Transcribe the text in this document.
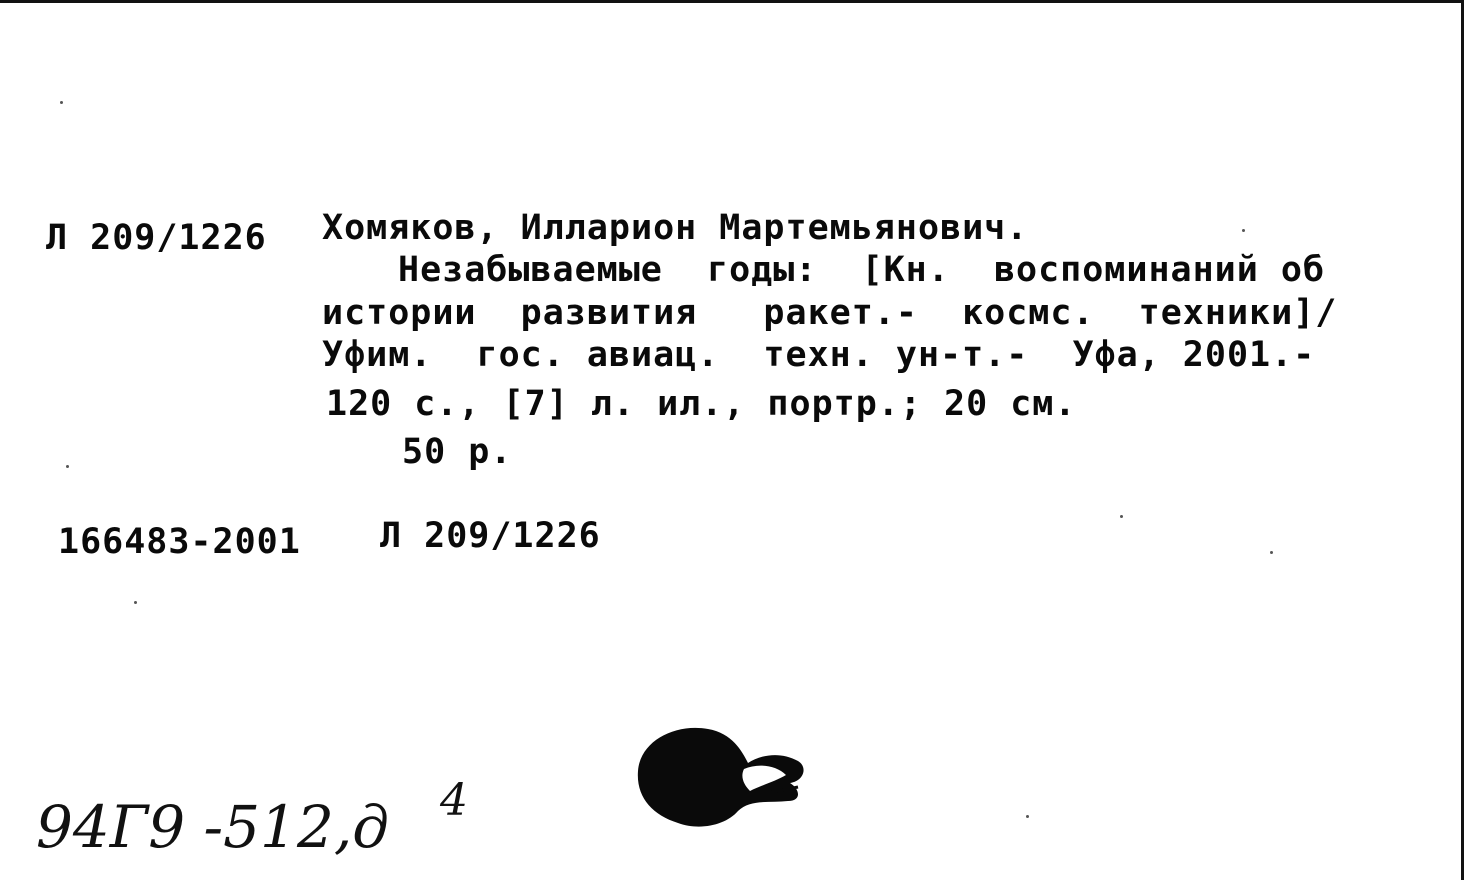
Л 209/1226 Хомяков, Илларион Мартемьянович.
Незабываемые  годы:  [Кн.  воспоминаний об
истории  развития   ракет.-  космс.  техники]/
Уфим.  гос. авиац.  техн. ун-т.-  Уфа, 2001.-
120 с., [7] л. ил., портр.; 20 см.
50 р.
166483-2001 Л 209/1226
94Г9 -512,д 4
